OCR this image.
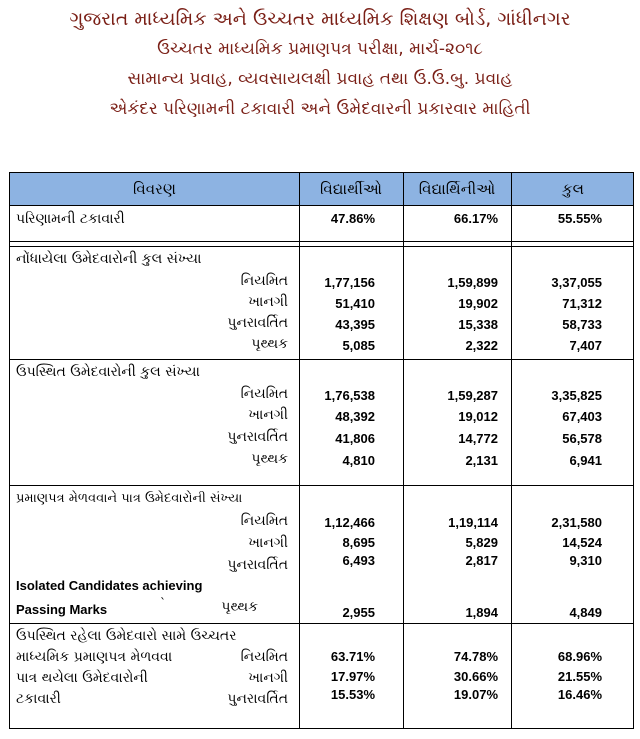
ગુજરાત માધ્યમિક અને ઉચ્ચતર માધ્યમિક શિક્ષણ બોર્ડ, ગાંધીનગર
ઉચ્ચતર માધ્યમિક પ્રમાણપત્ર પરીક્ષા, માર્ચ-૨૦૧૮
સામાન્ય પ્રવાહ, વ્યવસાયલક્ષી પ્રવાહ તથા ઉ.ઉ.બુ. પ્રવાહ
એકંદર પરિણામની ટકાવારી અને ઉમેદવારની પ્રકારવાર માહિતી
વિવરણ	વિદ્યાર્થીઓ	વિદ્યાર્થિનીઓ	કુલ
પરિણામની ટકાવારી	47.86%	66.17%	55.55%
નોંધાયેલા ઉમેદવારોની કુલ સંખ્યા
નિયમિત	1,77,156	1,59,899	3,37,055
ખાનગી	51,410	19,902	71,312
પુનરાવર્તિત	43,395	15,338	58,733
પૃથ્થક	5,085	2,322	7,407
ઉપસ્થિત ઉમેદવારોની કુલ સંખ્યા
નિયમિત	1,76,538	1,59,287	3,35,825
ખાનગી	48,392	19,012	67,403
પુનરાવર્તિત	41,806	14,772	56,578
પૃથ્થક	4,810	2,131	6,941
પ્રમાણપત્ર મેળવવાને પાત્ર ઉમેદવારોની સંખ્યા
નિયમિત	1,12,466	1,19,114	2,31,580
ખાનગી	8,695	5,829	14,524
પુનરાવર્તિત	6,493	2,817	9,310
Isolated Candidates achieving
Passing Marks	`	પૃથ્થક	2,955	1,894	4,849
ઉપસ્થિત રહેલા ઉમેદવારો સામે ઉચ્ચતર
માધ્યમિક પ્રમાણપત્ર મેળવવા
પાત્ર થયેલા ઉમેદવારોની
ટકાવારી
નિયમિત	63.71%	74.78%	68.96%
ખાનગી	17.97%	30.66%	21.55%
પુનરાવર્તિત	15.53%	19.07%	16.46%
